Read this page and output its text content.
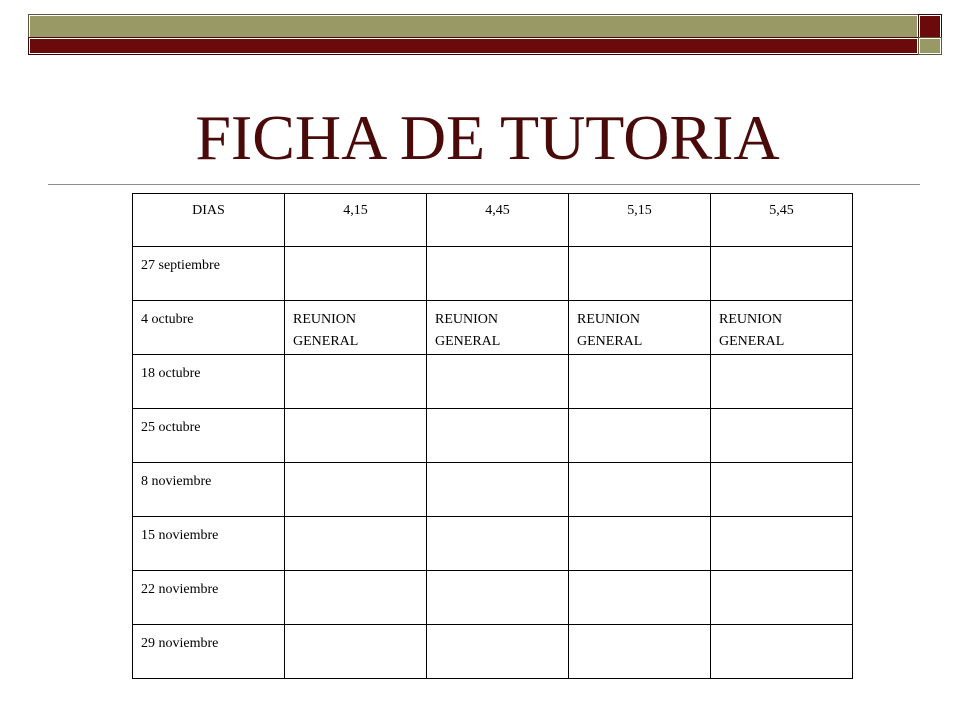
FICHA DE TUTORIA
DIAS	4,15	4,45	5,15	5,45
27 septiembre				
4 octubre	REUNION GENERAL	REUNION GENERAL	REUNION GENERAL	REUNION GENERAL
18 octubre				
25 octubre				
8 noviembre				
15 noviembre				
22 noviembre				
29 noviembre				
